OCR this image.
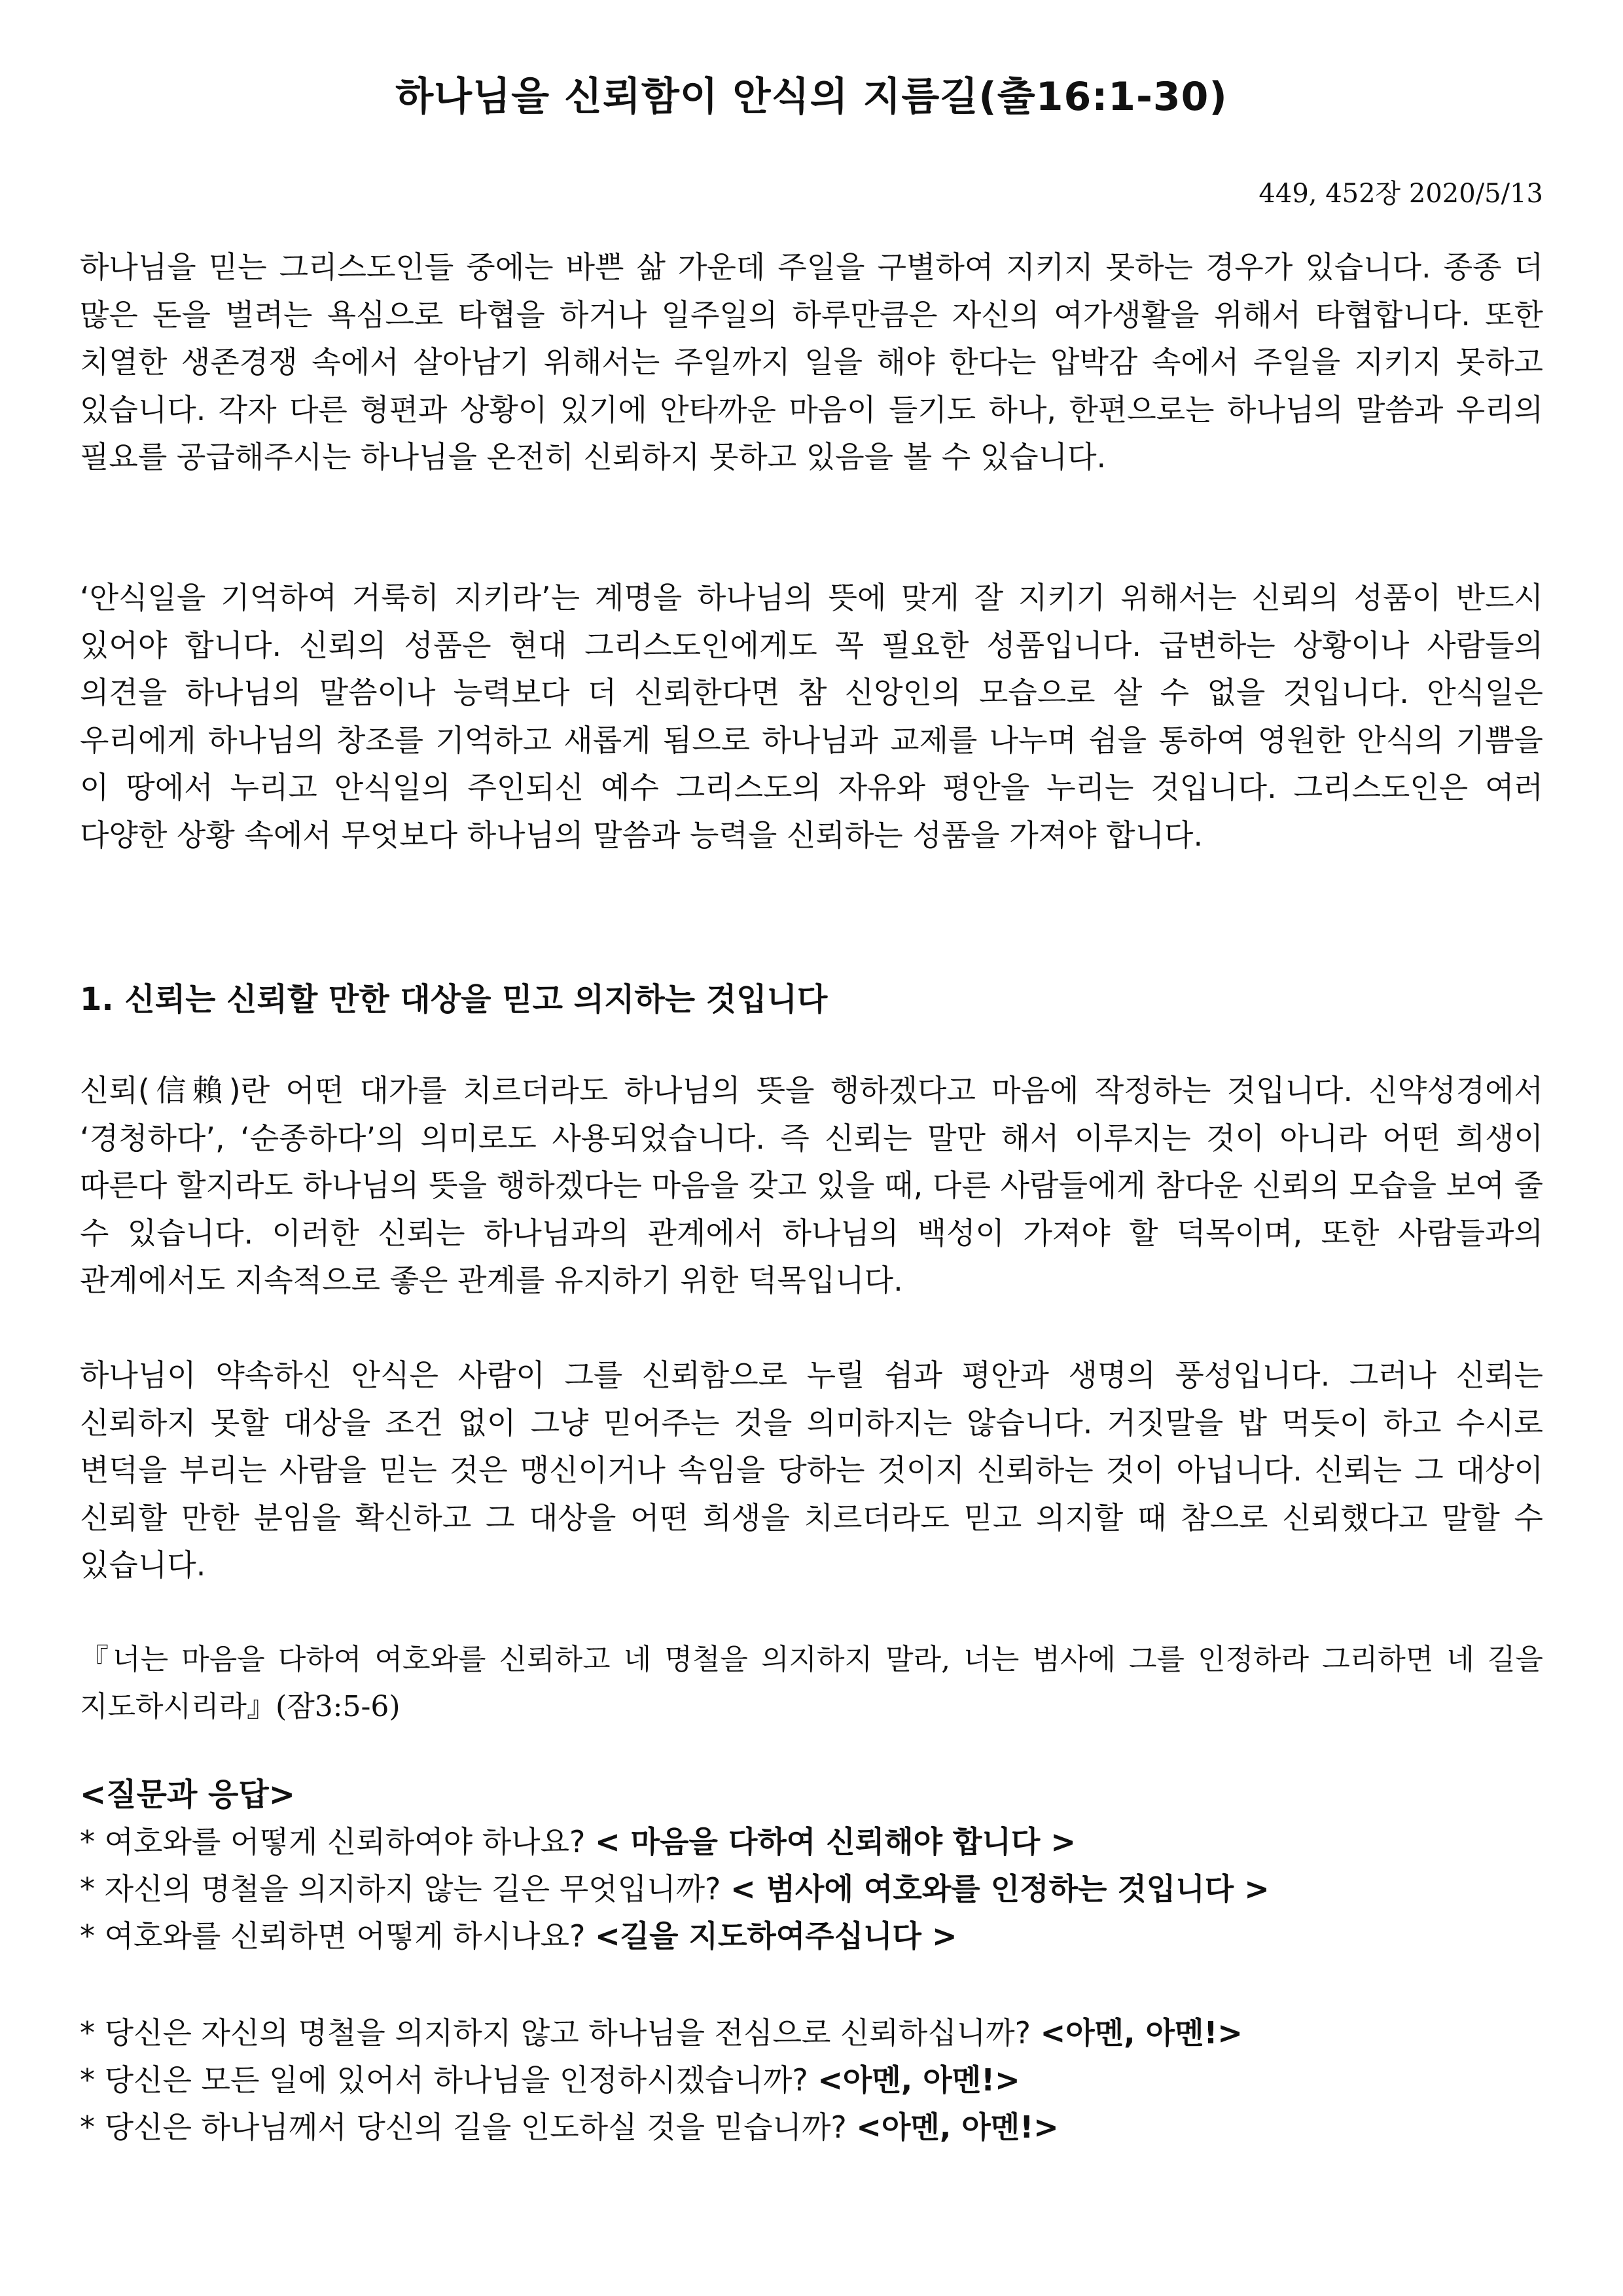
하나님을 신뢰함이 안식의 지름길(출16:1-30)
449, 452장 2020/5/13
하나님을 믿는 그리스도인들 중에는 바쁜 삶 가운데 주일을 구별하여 지키지 못하는 경우가 있습니다. 종종 더 많은 돈을 벌려는 욕심으로 타협을 하거나 일주일의 하루만큼은 자신의 여가생활을 위해서 타협합니다. 또한 치열한 생존경쟁 속에서 살아남기 위해서는 주일까지 일을 해야 한다는 압박감 속에서 주일을 지키지 못하고 있습니다. 각자 다른 형편과 상황이 있기에 안타까운 마음이 들기도 하나, 한편으로는 하나님의 말씀과 우리의 필요를 공급해주시는 하나님을 온전히 신뢰하지 못하고 있음을 볼 수 있습니다.
‘안식일을 기억하여 거룩히 지키라’는 계명을 하나님의 뜻에 맞게 잘 지키기 위해서는 신뢰의 성품이 반드시 있어야 합니다. 신뢰의 성품은 현대 그리스도인에게도 꼭 필요한 성품입니다. 급변하는 상황이나 사람들의 의견을 하나님의 말씀이나 능력보다 더 신뢰한다면 참 신앙인의 모습으로 살 수 없을 것입니다. 안식일은 우리에게 하나님의 창조를 기억하고 새롭게 됨으로 하나님과 교제를 나누며 쉼을 통하여 영원한 안식의 기쁨을 이 땅에서 누리고 안식일의 주인되신 예수 그리스도의 자유와 평안을 누리는 것입니다. 그리스도인은 여러 다양한 상황 속에서 무엇보다 하나님의 말씀과 능력을 신뢰하는 성품을 가져야 합니다.
1. 신뢰는 신뢰할 만한 대상을 믿고 의지하는 것입니다
신뢰(信賴)란 어떤 대가를 치르더라도 하나님의 뜻을 행하겠다고 마음에 작정하는 것입니다. 신약성경에서 ‘경청하다’, ‘순종하다’의 의미로도 사용되었습니다. 즉 신뢰는 말만 해서 이루지는 것이 아니라 어떤 희생이 따른다 할지라도 하나님의 뜻을 행하겠다는 마음을 갖고 있을 때, 다른 사람들에게 참다운 신뢰의 모습을 보여 줄 수 있습니다. 이러한 신뢰는 하나님과의 관계에서 하나님의 백성이 가져야 할 덕목이며, 또한 사람들과의 관계에서도 지속적으로 좋은 관계를 유지하기 위한 덕목입니다.
하나님이 약속하신 안식은 사람이 그를 신뢰함으로 누릴 쉼과 평안과 생명의 풍성입니다. 그러나 신뢰는 신뢰하지 못할 대상을 조건 없이 그냥 믿어주는 것을 의미하지는 않습니다. 거짓말을 밥 먹듯이 하고 수시로 변덕을 부리는 사람을 믿는 것은 맹신이거나 속임을 당하는 것이지 신뢰하는 것이 아닙니다. 신뢰는 그 대상이 신뢰할 만한 분임을 확신하고 그 대상을 어떤 희생을 치르더라도 믿고 의지할 때 참으로 신뢰했다고 말할 수 있습니다.
『너는 마음을 다하여 여호와를 신뢰하고 네 명철을 의지하지 말라, 너는 범사에 그를 인정하라 그리하면 네 길을 지도하시리라』(잠3:5-6)
<질문과 응답>
* 여호와를 어떻게 신뢰하여야 하나요? < 마음을 다하여 신뢰해야 합니다 >
* 자신의 명철을 의지하지 않는 길은 무엇입니까? < 범사에 여호와를 인정하는 것입니다 >
* 여호와를 신뢰하면 어떻게 하시나요? <길을 지도하여주십니다 >
* 당신은 자신의 명철을 의지하지 않고 하나님을 전심으로 신뢰하십니까? <아멘, 아멘!>
* 당신은 모든 일에 있어서 하나님을 인정하시겠습니까? <아멘, 아멘!>
* 당신은 하나님께서 당신의 길을 인도하실 것을 믿습니까? <아멘, 아멘!>
